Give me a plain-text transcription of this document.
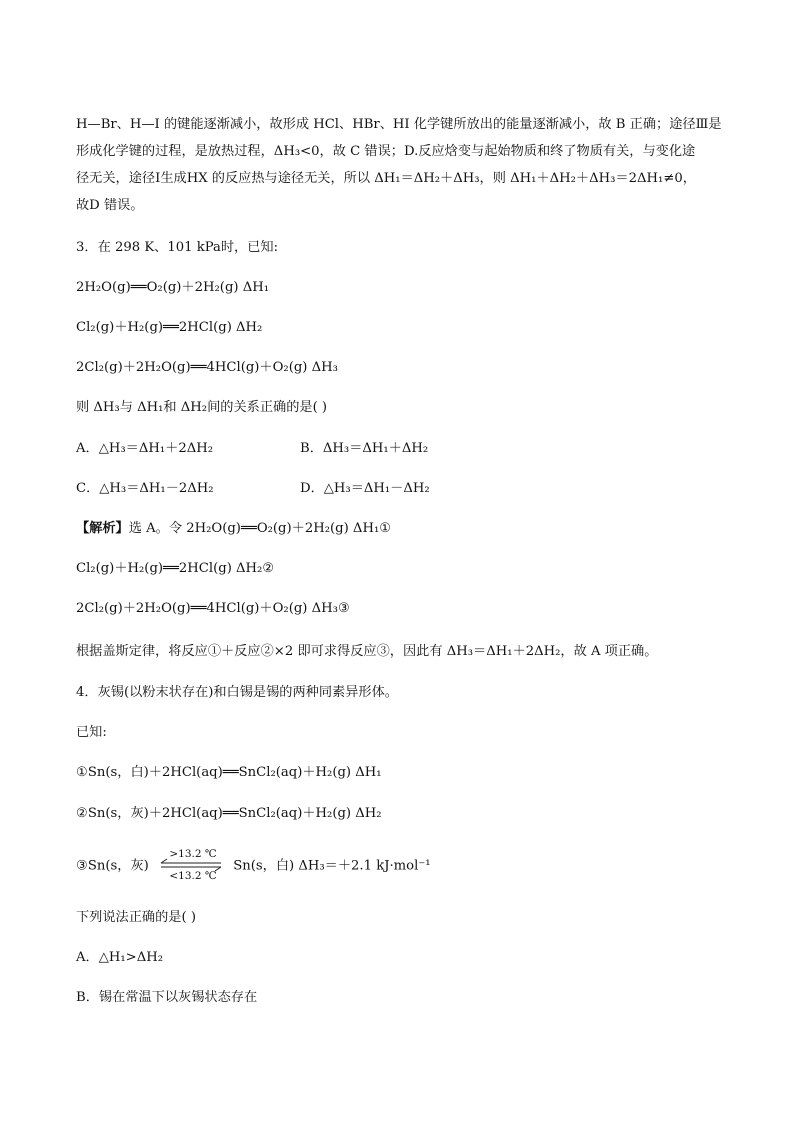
H—Br、H—I 的键能逐渐减小，故形成 HCl、HBr、HI 化学键所放出的能量逐渐减小，故 B 正确；途径Ⅲ是
形成化学键的过程，是放热过程，ΔH₃<0，故 C 错误；D.反应焓变与起始物质和终了物质有关，与变化途
径无关，途径Ⅰ生成HX 的反应热与途径无关，所以 ΔH₁＝ΔH₂＋ΔH₃，则 ΔH₁＋ΔH₂＋ΔH₃＝2ΔH₁≠0，
故D 错误。
3．在 298 K、101 kPa时，已知:
2H₂O(g)══O₂(g)＋2H₂(g) ΔH₁
Cl₂(g)＋H₂(g)══2HCl(g) ΔH₂
2Cl₂(g)＋2H₂O(g)══4HCl(g)＋O₂(g) ΔH₃
则 ΔH₃与 ΔH₁和 ΔH₂间的关系正确的是( )
A．△H₃＝ΔH₁＋2ΔH₂	B．ΔH₃＝ΔH₁＋ΔH₂
C．△H₃＝ΔH₁－2ΔH₂	D．△H₃＝ΔH₁－ΔH₂
【解析】选 A。令 2H₂O(g)══O₂(g)＋2H₂(g) ΔH₁①
Cl₂(g)＋H₂(g)══2HCl(g) ΔH₂②
2Cl₂(g)＋2H₂O(g)══4HCl(g)＋O₂(g) ΔH₃③
根据盖斯定律，将反应①＋反应②×2 即可求得反应③，因此有 ΔH₃＝ΔH₁＋2ΔH₂，故 A 项正确。
4．灰锡(以粉末状存在)和白锡是锡的两种同素异形体。
已知:
①Sn(s，白)＋2HCl(aq)══SnCl₂(aq)＋H₂(g) ΔH₁
②Sn(s，灰)＋2HCl(aq)══SnCl₂(aq)＋H₂(g) ΔH₂
③Sn(s，灰)
>13.2 ℃
<13.2 ℃
Sn(s，白) ΔH₃＝＋2.1 kJ·mol⁻¹
下列说法正确的是( )
A．△H₁>ΔH₂
B．锡在常温下以灰锡状态存在
